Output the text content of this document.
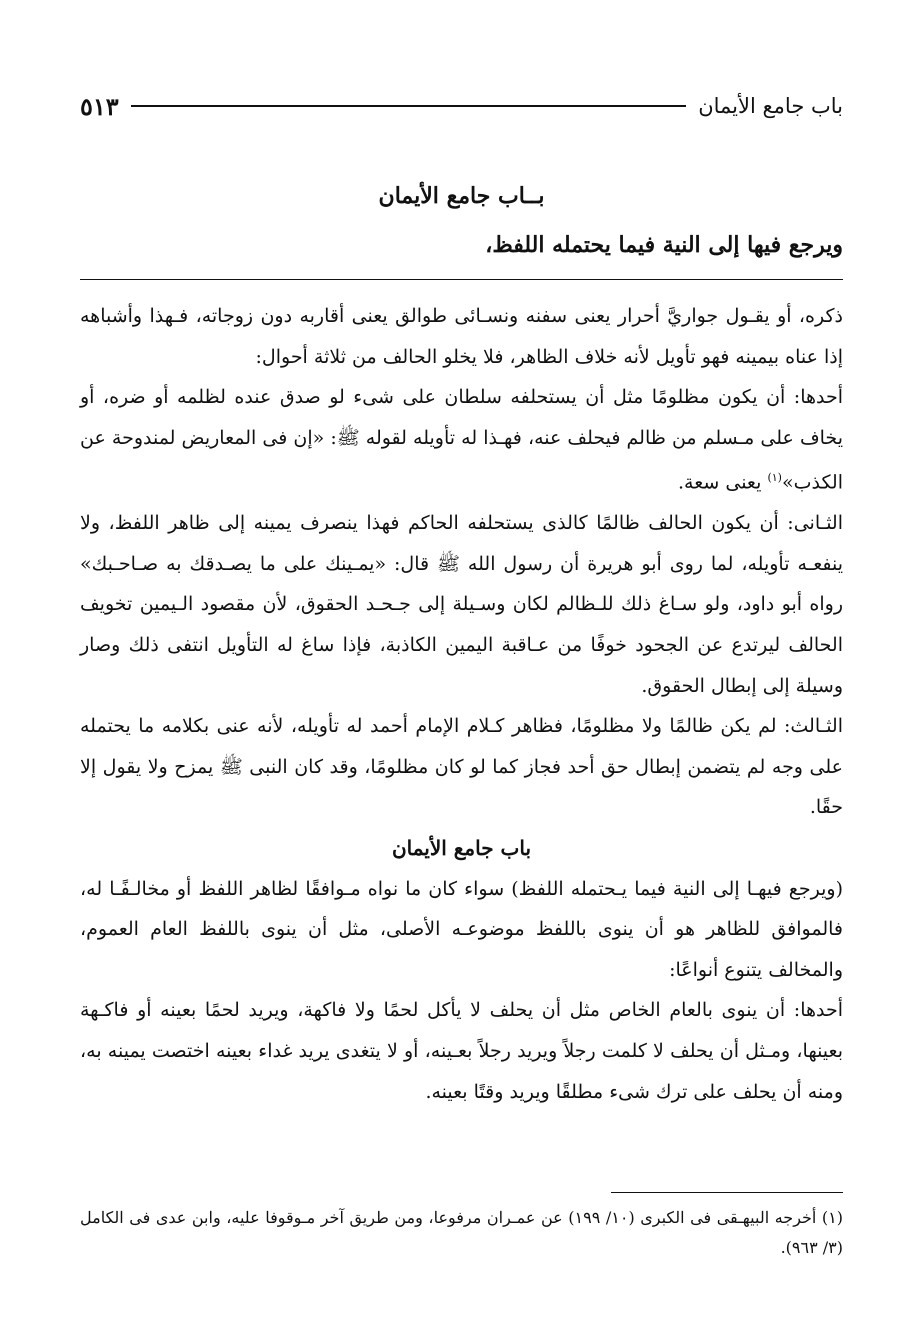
باب جامع الأيمان
٥١٣
بــاب جامع الأيمان
ويرجع فيها إلى النية فيما يحتمله اللفظ،

ذكره، أو يقـول جواريَّ أحرار يعنى سفنه ونسـائى طوالق يعنى أقاربه دون زوجاته، فـهذا وأشباهه إذا عناه بيمينه فهو تأويل لأنه خلاف الظاهر، فلا يخلو الحالف من ثلاثة أحوال:

أحدها: أن يكون مظلومًا مثل أن يستحلفه سلطان على شىء لو صدق عنده لظلمه أو ضره، أو يخاف على مـسلم من ظالم فيحلف عنه، فهـذا له تأويله لقوله ﷺ: «إن فى المعاريض لمندوحة عن الكذب»$^{(١)}$ يعنى سعة.

الثـانى: أن يكون الحالف ظالمًا كالذى يستحلفه الحاكم فهذا ينصرف يمينه إلى ظاهر اللفظ، ولا ينفعـه تأويله، لما روى أبو هريرة أن رسول الله ﷺ قال: «يمـينك على ما يصـدقك به صـاحـبك» رواه أبو داود، ولو سـاغ ذلك للـظالم لكان وسـيلة إلى جـحـد الحقوق، لأن مقصود الـيمين تخويف الحالف ليرتدع عن الجحود خوفًا من عـاقبة اليمين الكاذبة، فإذا ساغ له التأويل انتفى ذلك وصار وسيلة إلى إبطال الحقوق.

الثـالث: لم يكن ظالمًا ولا مظلومًا، فظاهر كـلام الإمام أحمد له تأويله، لأنه عنى بكلامه ما يحتمله على وجه لم يتضمن إبطال حق أحد فجاز كما لو كان مظلومًا، وقد كان النبى ﷺ يمزح ولا يقول إلا حقًا.

باب جامع الأيمان

(ويرجع فيهـا إلى النية فيما يـحتمله اللفظ) سواء كان ما نواه مـوافقًا لظاهر اللفظ أو مخالـفًـا له، فالموافق للظاهر هو أن ينوى باللفظ موضوعـه الأصلى، مثل أن ينوى باللفظ العام العموم، والمخالف يتنوع أنواعًا:

أحدها: أن ينوى بالعام الخاص مثل أن يحلف لا يأكل لحمًا ولا فاكهة، ويريد لحمًا بعينه أو فاكـهة بعينها، ومـثل أن يحلف لا كلمت رجلاً ويريد رجلاً بعـينه، أو لا يتغدى يريد غداء بعينه اختصت يمينه به، ومنه أن يحلف على ترك شىء مطلقًا ويريد وقتًا بعينه.

(١) أخرجه البيهـقى فى الكبرى (١٠/ ١٩٩) عن عمـران مرفوعا، ومن طريق آخر مـوقوفا عليه، وابن عدى فى الكامل (٣/ ٩٦٣).
